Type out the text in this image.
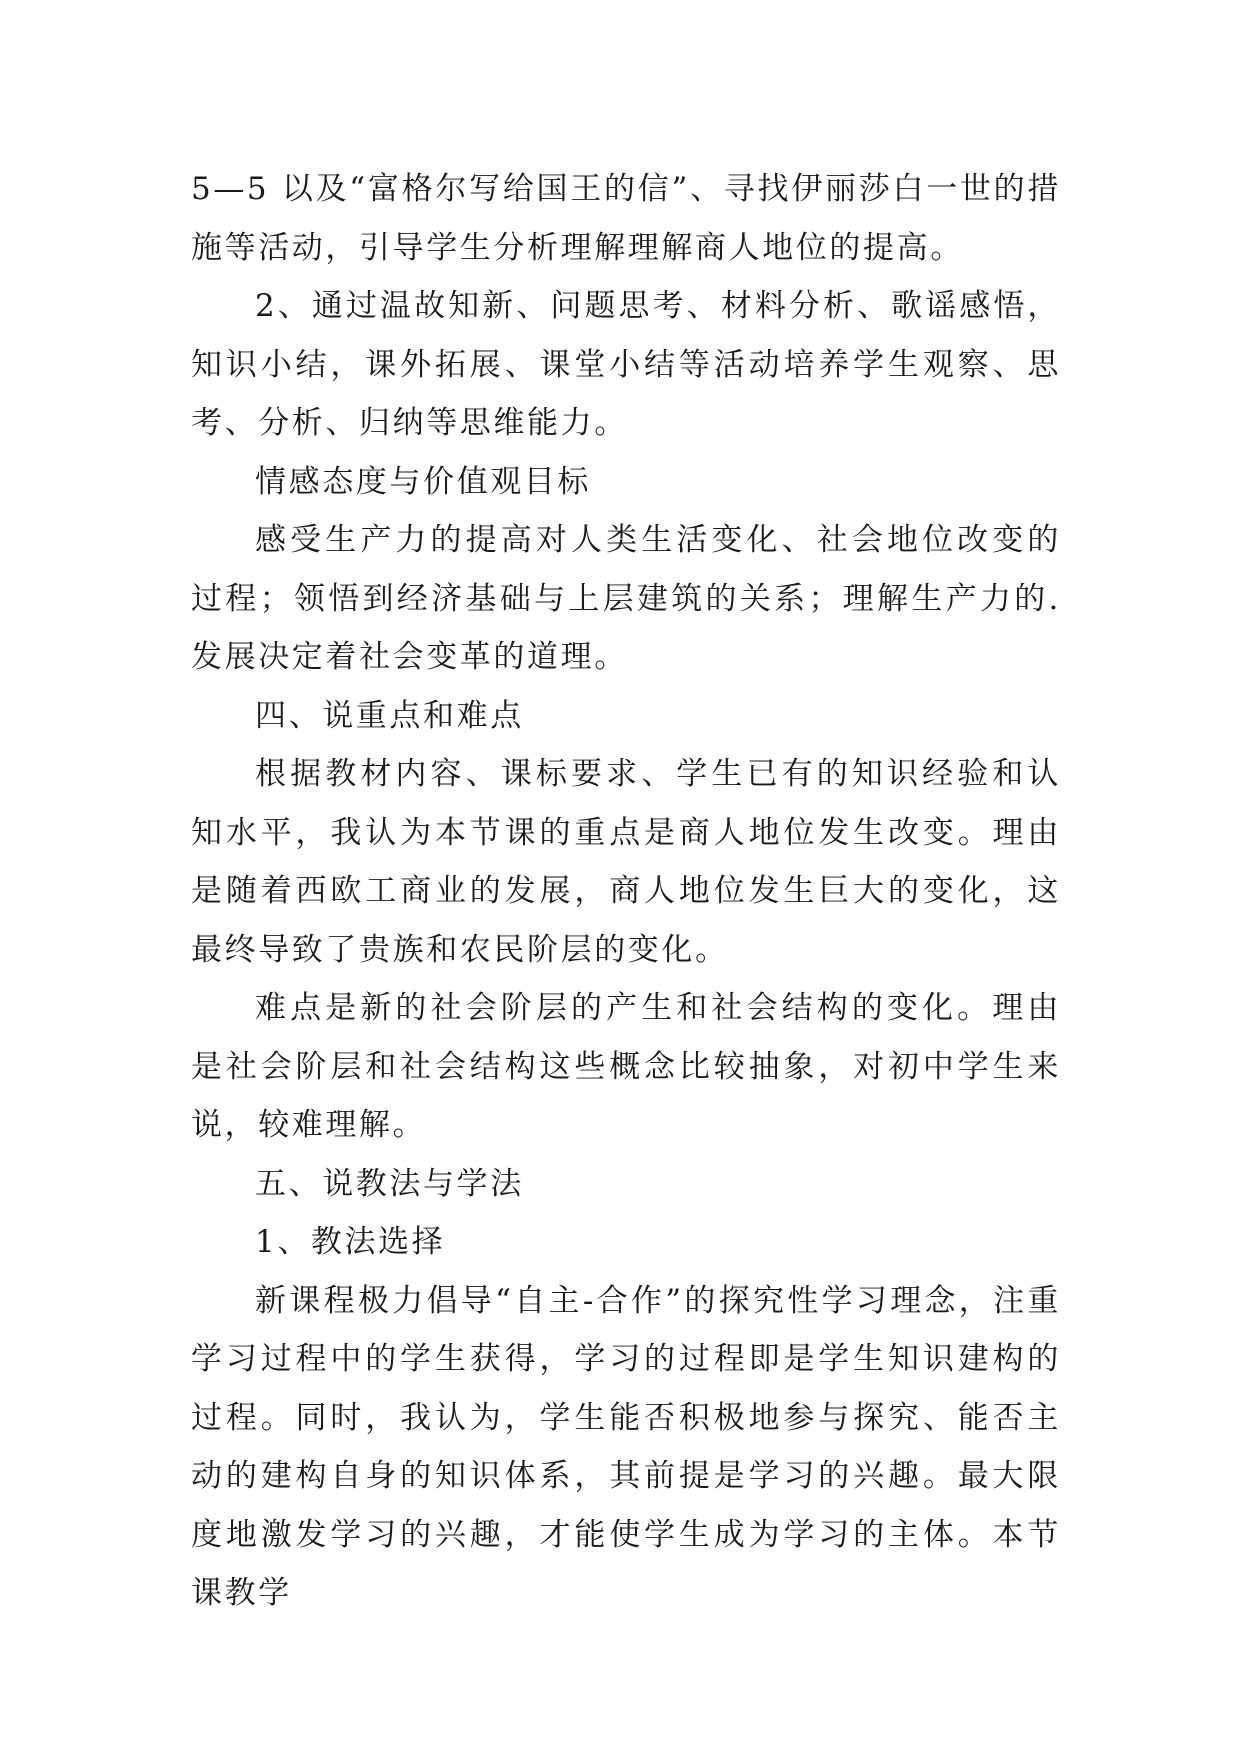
5—5 以及“富格尔写给国王的信”、寻找伊丽莎白一世的措施等活动，引导学生分析理解理解商人地位的提高。

2、通过温故知新、问题思考、材料分析、歌谣感悟，知识小结，课外拓展、课堂小结等活动培养学生观察、思考、分析、归纳等思维能力。

情感态度与价值观目标

感受生产力的提高对人类生活变化、社会地位改变的过程；领悟到经济基础与上层建筑的关系；理解生产力的.发展决定着社会变革的道理。

四、说重点和难点

根据教材内容、课标要求、学生已有的知识经验和认知水平，我认为本节课的重点是商人地位发生改变。理由是随着西欧工商业的发展，商人地位发生巨大的变化，这最终导致了贵族和农民阶层的变化。

难点是新的社会阶层的产生和社会结构的变化。理由是社会阶层和社会结构这些概念比较抽象，对初中学生来说，较难理解。

五、说教法与学法

1、教法选择

新课程极力倡导“自主-合作”的探究性学习理念，注重学习过程中的学生获得，学习的过程即是学生知识建构的过程。同时，我认为，学生能否积极地参与探究、能否主动的建构自身的知识体系，其前提是学习的兴趣。最大限度地激发学习的兴趣，才能使学生成为学习的主体。本节课教学
